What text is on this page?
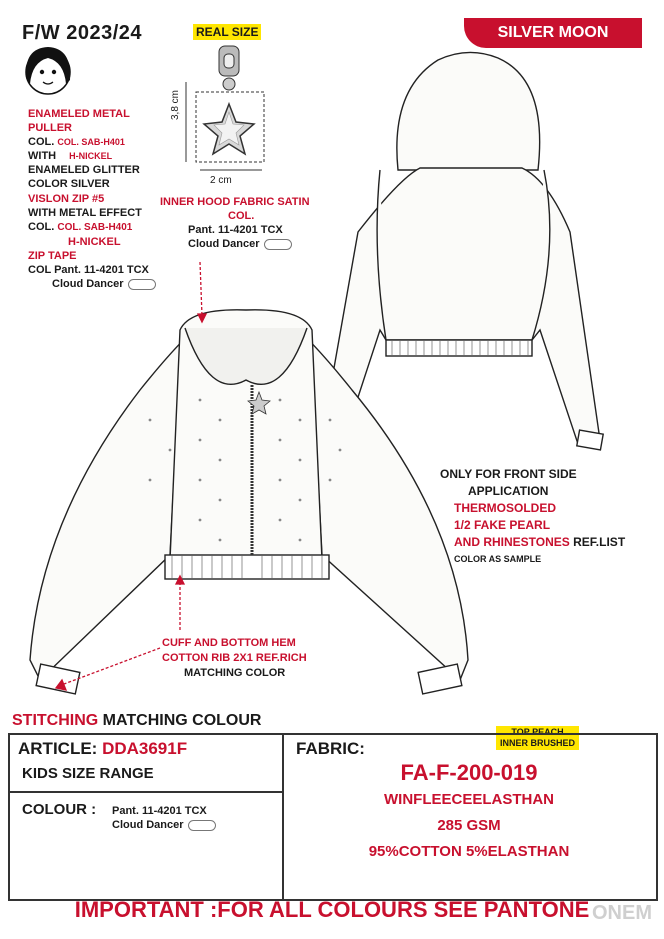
F/W 2023/24	SILVER MOON
REAL SIZE
3,8 cm
2 cm
ENAMELED METAL
PULLER
COL. COL. SAB-H401
WITH H-NICKEL
ENAMELED GLITTER
COLOR SILVER
VISLON ZIP #5
WITH METAL EFFECT
COL. COL. SAB-H401
H-NICKEL
ZIP TAPE
COL Pant. 11-4201 TCX
Cloud Dancer
INNER HOOD FABRIC SATIN
COL.
Pant. 11-4201 TCX
Cloud Dancer
ONLY FOR FRONT SIDE
APPLICATION
THERMOSOLDED
1/2 FAKE PEARL
AND RHINESTONES REF.LIST
COLOR AS SAMPLE
CUFF AND BOTTOM HEM
COTTON RIB 2X1 REF.RICH
MATCHING COLOR
STITCHING MATCHING COLOUR
TOP PEACH
INNER BRUSHED
ARTICLE: DDA3691F
KIDS SIZE RANGE
COLOUR : Pant. 11-4201 TCX
Cloud Dancer
FABRIC:
FA-F-200-019
WINFLEECEELASTHAN
285 GSM
95%COTTON 5%ELASTHAN
IMPORTANT :FOR ALL COLOURS SEE PANTONE ONEM
